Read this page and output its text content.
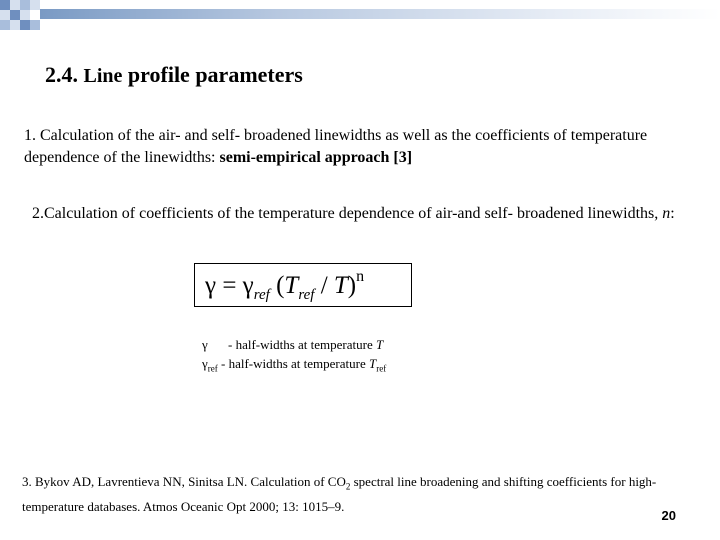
2.4. Line profile parameters
1. Calculation of the air- and self- broadened linewidths as well as the coefficients of temperature dependence of the linewidths: semi-empirical approach [3]
2.Calculation of coefficients of the temperature dependence of air-and self- broadened linewidths, n:
$\gamma = \gamma_{ref}$ $(T_{ref} / T)^n$
γ - half-widths at temperature T
$\gamma_{ref}$ - half-widths at temperature $T_{ref}$
3. Bykov AD, Lavrentieva NN, Sinitsa LN. Calculation of $CO_2$ spectral line broadening and shifting coefficients for high-temperature databases. Atmos Oceanic Opt 2000; 13: 1015–9.
20
